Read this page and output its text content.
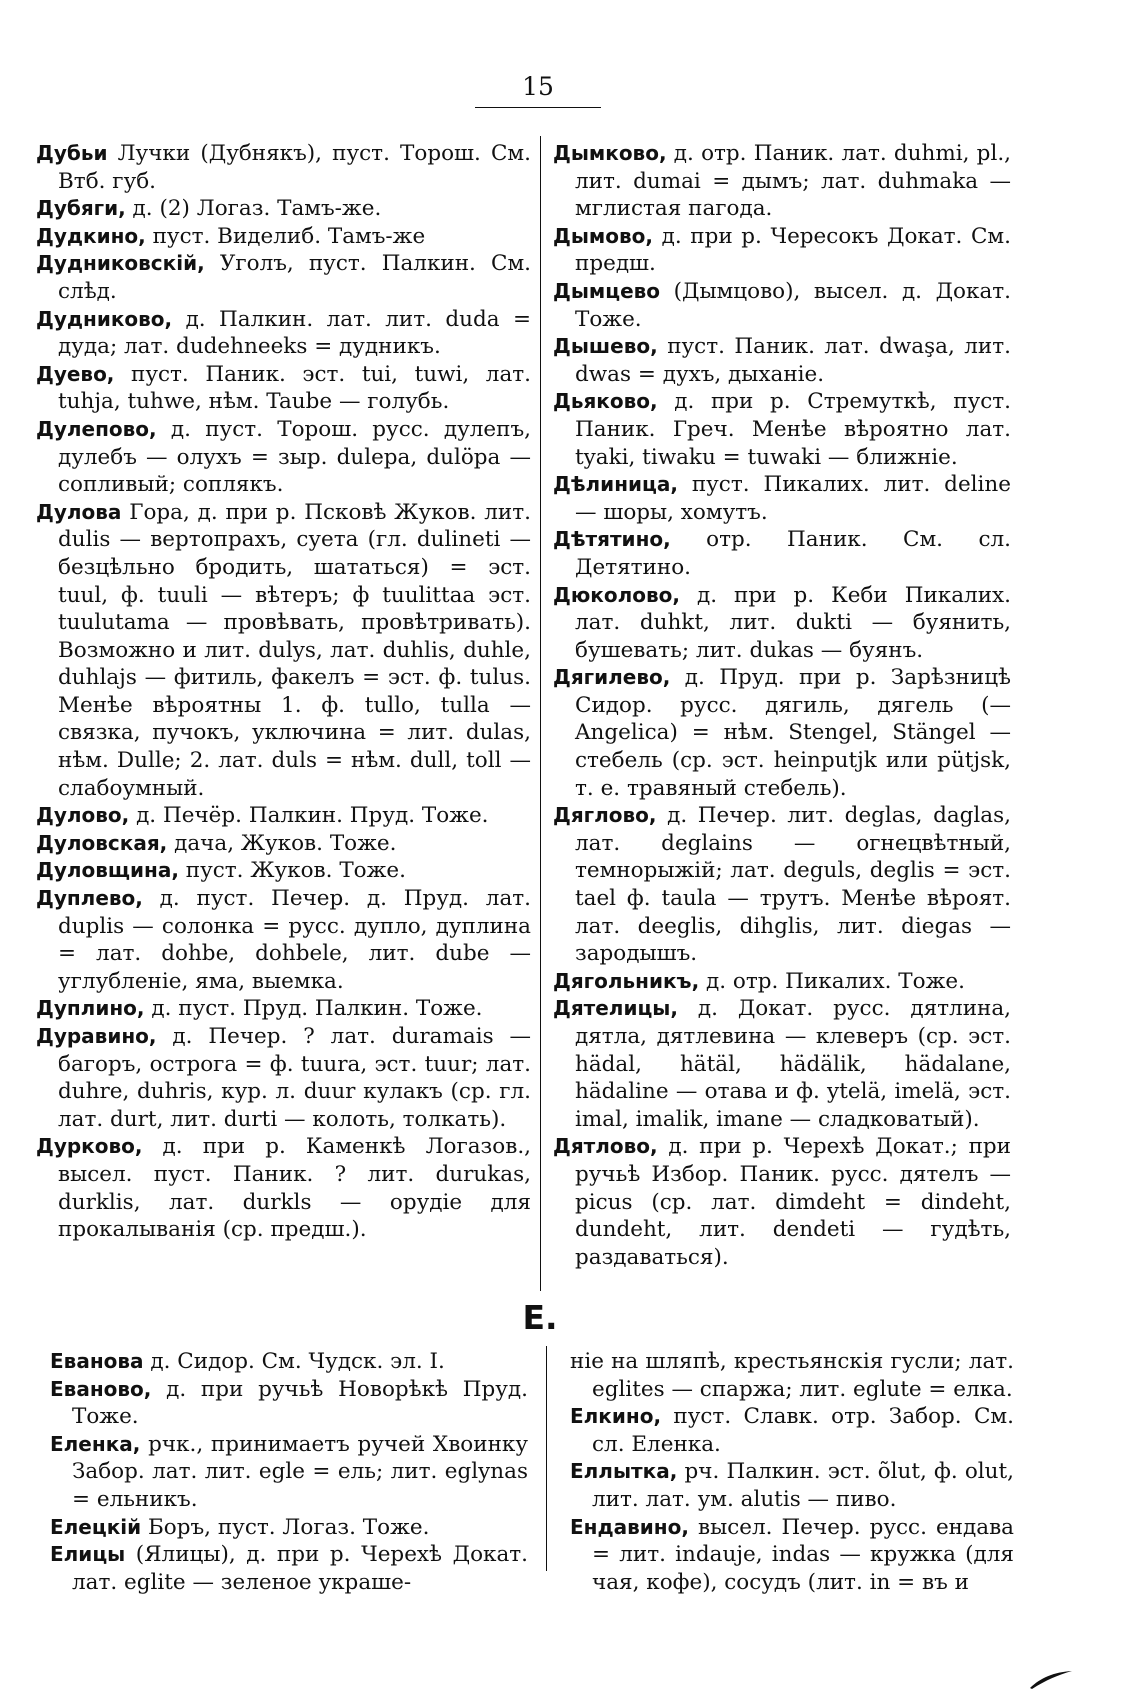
15

Дубьи Лучки (Дубнякъ), пуст. Торош. См. Втб. губ.

Дубяги, д. (2) Логаз. Тамъ-же.

Дудкино, пуст. Виделиб. Тамъ-же

Дудниковскій, Уголъ, пуст. Палкин. См. слѣд.

Дудниково, д. Палкин. лат. лит. duda = дуда; лат. dudehneeks = дудникъ.

Дуево, пуст. Паник. эст. tui, tuwi, лат. tuhja, tuhwe, нѣм. Taube — голубь.

Дулепово, д. пуст. Торош. русс. дулепъ, дулебъ — олухъ = зыр. dulepa, dulöpa — сопливый; соплякъ.

Дулова Гора, д. при р. Псковѣ Жуков. лит. dulis — вертопрахъ, суета (гл. dulineti — безцѣльно бродить, шататься) = эст. tuul, ф. tuuli — вѣтеръ; ф tuulittaa эст. tuulutama — провѣвать, провѣтривать). Возможно и лит. dulys, лат. duhlis, duhle, duhlajs — фитиль, факелъ = эст. ф. tulus. Менѣе вѣроятны 1. ф. tullo, tulla — связка, пучокъ, уключина = лит. dulas, нѣм. Dulle; 2. лат. duls = нѣм. dull, toll — слабоумный.

Дулово, д. Печёр. Палкин. Пруд. Тоже.

Дуловская, дача, Жуков. Тоже.

Дуловщина, пуст. Жуков. Тоже.

Дуплево, д. пуст. Печер. д. Пруд. лат. duplis — солонка = русс. дупло, дуплина = лат. dohbe, dohbele, лит. dube — углубленіе, яма, выемка.

Дуплино, д. пуст. Пруд. Палкин. Тоже.

Дуравино, д. Печер. ? лат. duramais — багоръ, острога = ф. tuura, эст. tuur; лат. duhre, duhris, кур. л. duur кулакъ (ср. гл. лат. durt, лит. durti — колоть, толкать).

Дурково, д. при р. Каменкѣ Логазов., высел. пуст. Паник. ? лит. durukas, durklis, лат. durkls — орудіе для прокалыванія (ср. предш.).

Дымково, д. отр. Паник. лат. duhmi, pl., лит. dumai = дымъ; лат. duhmaka — мглистая пагода.

Дымово, д. при р. Чересокъ Докат. См. предш.

Дымцево (Дымцово), высел. д. Докат. Тоже.

Дышево, пуст. Паник. лат. dwaşa, лит. dwas = духъ, дыханіе.

Дьяково, д. при р. Стремуткѣ, пуст. Паник. Греч. Менѣе вѣроятно лат. tyaki, tiwaku = tuwaki — ближніе.

Дѣлиница, пуст. Пикалих. лит. deline — шоры, хомутъ.

Дѣтятино, отр. Паник. См. сл. Детятино.

Дюколово, д. при р. Кеби Пикалих. лат. duhkt, лит. dukti — буянить, бушевать; лит. dukas — буянъ.

Дягилево, д. Пруд. при р. Зарѣзницѣ Сидор. русс. дягиль, дягель (— Angelica) = нѣм. Stengel, Stängel — стебель (ср. эст. heinputjk или pütjsk, т. е. травяный стебель).

Дяглово, д. Печер. лит. deglas, daglas, лат. deglains — огнецвѣтный, темнорыжій; лат. deguls, deglis = эст. tael ф. taula — трутъ. Менѣе вѣроят. лат. deeglis, dihglis, лит. diegas — зародышъ.

Дягольникъ, д. отр. Пикалих. Тоже.

Дятелицы, д. Докат. русс. дятлина, дятла, дятлевина — клеверъ (ср. эст. hädal, hätäl, hädälik, hädalane, hädaline — отава и ф. ytelä, imelä, эст. imal, imalik, imane — сладковатый).

Дятлово, д. при р. Черехѣ Докат.; при ручьѣ Избор. Паник. русс. дятелъ — picus (ср. лат. dimdeht = dindeht, dundeht, лит. dendeti — гудѣть, раздаваться).

E.

Еванова д. Сидор. См. Чудск. эл. I.

Еваново, д. при ручьѣ Новорѣкѣ Пруд. Тоже.

Еленка, рчк., принимаетъ ручей Хвоинку Забор. лат. лит. egle = ель; лит. eglynas = ельникъ.

Елецкій Боръ, пуст. Логаз. Тоже.

Елицы (Ялицы), д. при р. Черехѣ Докат. лат. eglite — зеленое украше-

ніе на шляпѣ, крестьянскія гусли; лат. eglites — спаржа; лит. eglute = елка.

Елкино, пуст. Славк. отр. Забор. См. сл. Еленка.

Еллытка, рч. Палкин. эст. õlut, ф. olut, лит. лат. ум. alutis — пиво.

Ендавино, высел. Печер. русс. ендава = лит. indauje, indas — кружка (для чая, кофе), сосудъ (лит. in = въ и
